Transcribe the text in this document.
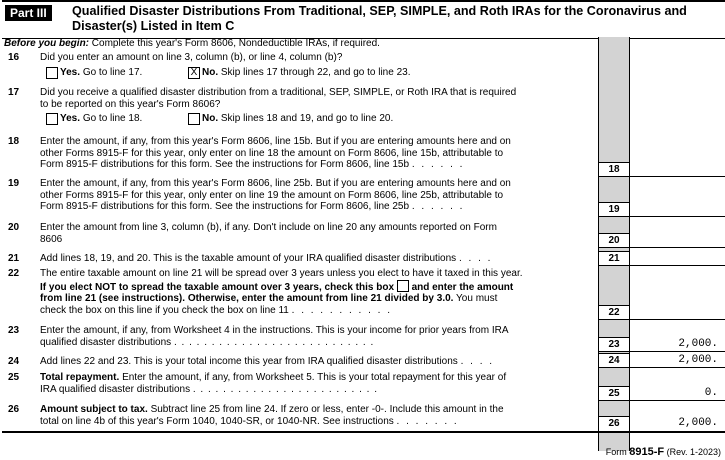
Part III	Qualified Disaster Distributions From Traditional, SEP, SIMPLE, and Roth IRAs for the Coronavirus and
Disaster(s) Listed in Item C
Before you begin: Complete this year's Form 8606, Nondeductible IRAs, if required.
16	Did you enter an amount on line 3, column (b), or line 4, column (b)?
Yes. Go to line 17.	X No. Skip lines 17 through 22, and go to line 23.
17	Did you receive a qualified disaster distribution from a traditional, SEP, SIMPLE, or Roth IRA that is required
to be reported on this year's Form 8606?
Yes. Go to line 18.	No. Skip lines 18 and 19, and go to line 20.
18	Enter the amount, if any, from this year's Form 8606, line 15b. But if you are entering amounts here and on
other Forms 8915-F for this year, only enter on line 18 the amount on Form 8606, line 15b, attributable to
Form 8915-F distributions for this form. See the instructions for Form 8606, line 15b . . . . . .	18
19	Enter the amount, if any, from this year's Form 8606, line 25b. But if you are entering amounts here and on
other Forms 8915-F for this year, only enter on line 19 the amount on Form 8606, line 25b, attributable to
Form 8915-F distributions for this form. See the instructions for Form 8606, line 25b . . . . . .	19
20	Enter the amount from line 3, column (b), if any. Don't include on line 20 any amounts reported on Form
8606	20
21	Add lines 18, 19, and 20. This is the taxable amount of your IRA qualified disaster distributions . . . .	21
22	The entire taxable amount on line 21 will be spread over 3 years unless you elect to have it taxed in this year.
If you elect NOT to spread the taxable amount over 3 years, check this box and enter the amount
from line 21 (see instructions). Otherwise, enter the amount from line 21 divided by 3.0. You must
check the box on this line if you check the box on line 11 . . . . . . . . . . .	22
23	Enter the amount, if any, from Worksheet 4 in the instructions. This is your income for prior years from IRA
qualified disaster distributions . . . . . . . . . . . . . . . . . . . . . . . . . . .	23	2,000.
24	Add lines 22 and 23. This is your total income this year from IRA qualified disaster distributions . . . .	24	2,000.
25	Total repayment. Enter the amount, if any, from Worksheet 5. This is your total repayment for this year of
IRA qualified disaster distributions . . . . . . . . . . . . . . . . . . . . . . . . .	25	0.
26	Amount subject to tax. Subtract line 25 from line 24. If zero or less, enter -0-. Include this amount in the
total on line 4b of this year's Form 1040, 1040-SR, or 1040-NR. See instructions . . . . . . .	26	2,000.
Form 8915-F (Rev. 1-2023)
